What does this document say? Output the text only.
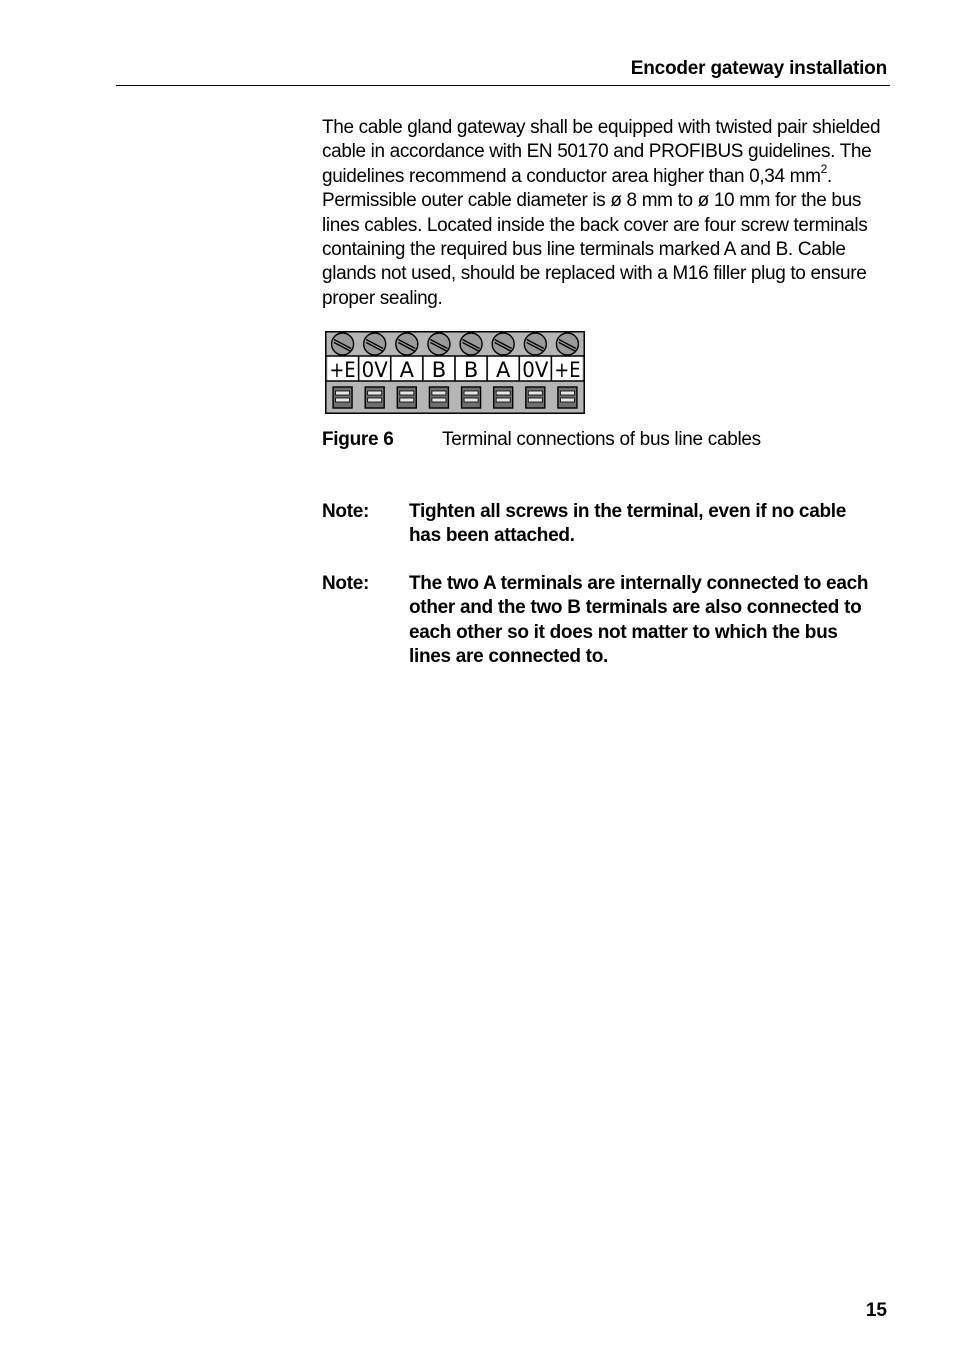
Encoder gateway installation

The cable gland gateway shall be equipped with twisted pair shielded cable in accordance with EN 50170 and PROFIBUS guidelines. The guidelines recommend a conductor area higher than 0,34 $mm^2$. Permissible outer cable diameter is ø 8 mm to ø 10 mm for the bus lines cables. Located inside the back cover are four screw terminals containing the required bus line terminals marked A and B. Cable glands not used, should be replaced with a M16 filler plug to ensure proper sealing.

+E 0V A B B A 0V +E
Figure 6	Terminal connections of bus line cables
Note: Tighten all screws in the terminal, even if no cable has been attached.
Note: The two A terminals are internally connected to each other and the two B terminals are also connected to each other so it does not matter to which the bus lines are connected to.
15
